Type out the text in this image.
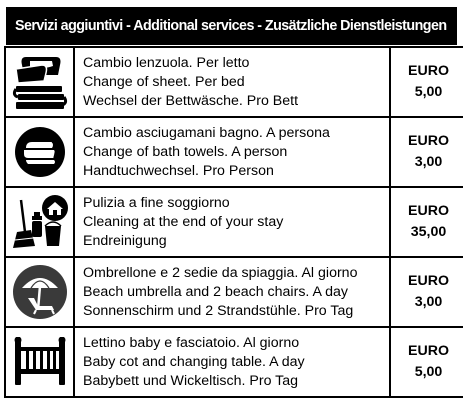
Servizi aggiuntivi - Additional services - Zusätzliche Dienstleistungen

Cambio lenzuola. Per letto
Change of sheet. Per bed
Wechsel der Bettwäsche. Pro Bett	EURO
5,00

Cambio asciugamani bagno. A persona
Change of bath towels. A person
Handtuchwechsel. Pro Person	EURO
3,00

Pulizia a fine soggiorno
Cleaning at the end of your stay
Endreinigung	EURO
35,00

Ombrellone e 2 sedie da spiaggia. Al giorno
Beach umbrella and 2 beach chairs. A day
Sonnenschirm und 2 Strandstühle. Pro Tag	EURO
3,00

Lettino baby e fasciatoio. Al giorno
Baby cot and changing table. A day
Babybett und Wickeltisch. Pro Tag	EURO
5,00
